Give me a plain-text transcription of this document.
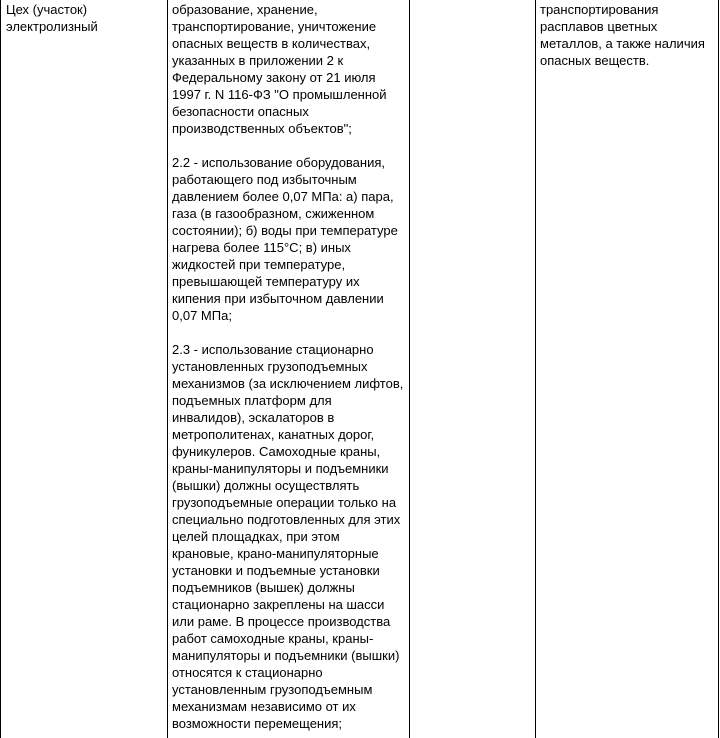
Цех (участок) электролизный
образование, хранение, транспортирование, уничтожение опасных веществ в количествах, указанных в приложении 2 к Федеральному закону от 21 июля 1997 г. N 116-ФЗ "О промышленной безопасности опасных производственных объектов";
2.2 - использование оборудования, работающего под избыточным давлением более 0,07 МПа: а) пара, газа (в газообразном, сжиженном состоянии); б) воды при температуре нагрева более 115°С; в) иных жидкостей при температуре, превышающей температуру их кипения при избыточном давлении 0,07 МПа;
2.3 - использование стационарно установленных грузоподъемных механизмов (за исключением лифтов, подъемных платформ для инвалидов), эскалаторов в метрополитенах, канатных дорог, фуникулеров. Самоходные краны, краны-манипуляторы и подъемники (вышки) должны осуществлять грузоподъемные операции только на специально подготовленных для этих целей площадках, при этом крановые, крано-манипуляторные установки и подъемные установки подъемников (вышек) должны стационарно закреплены на шасси или раме. В процессе производства работ самоходные краны, краны-манипуляторы и подъемники (вышки) относятся к стационарно установленным грузоподъемным механизмам независимо от их возможности перемещения;
транспортирования расплавов цветных металлов, а также наличия опасных веществ.
